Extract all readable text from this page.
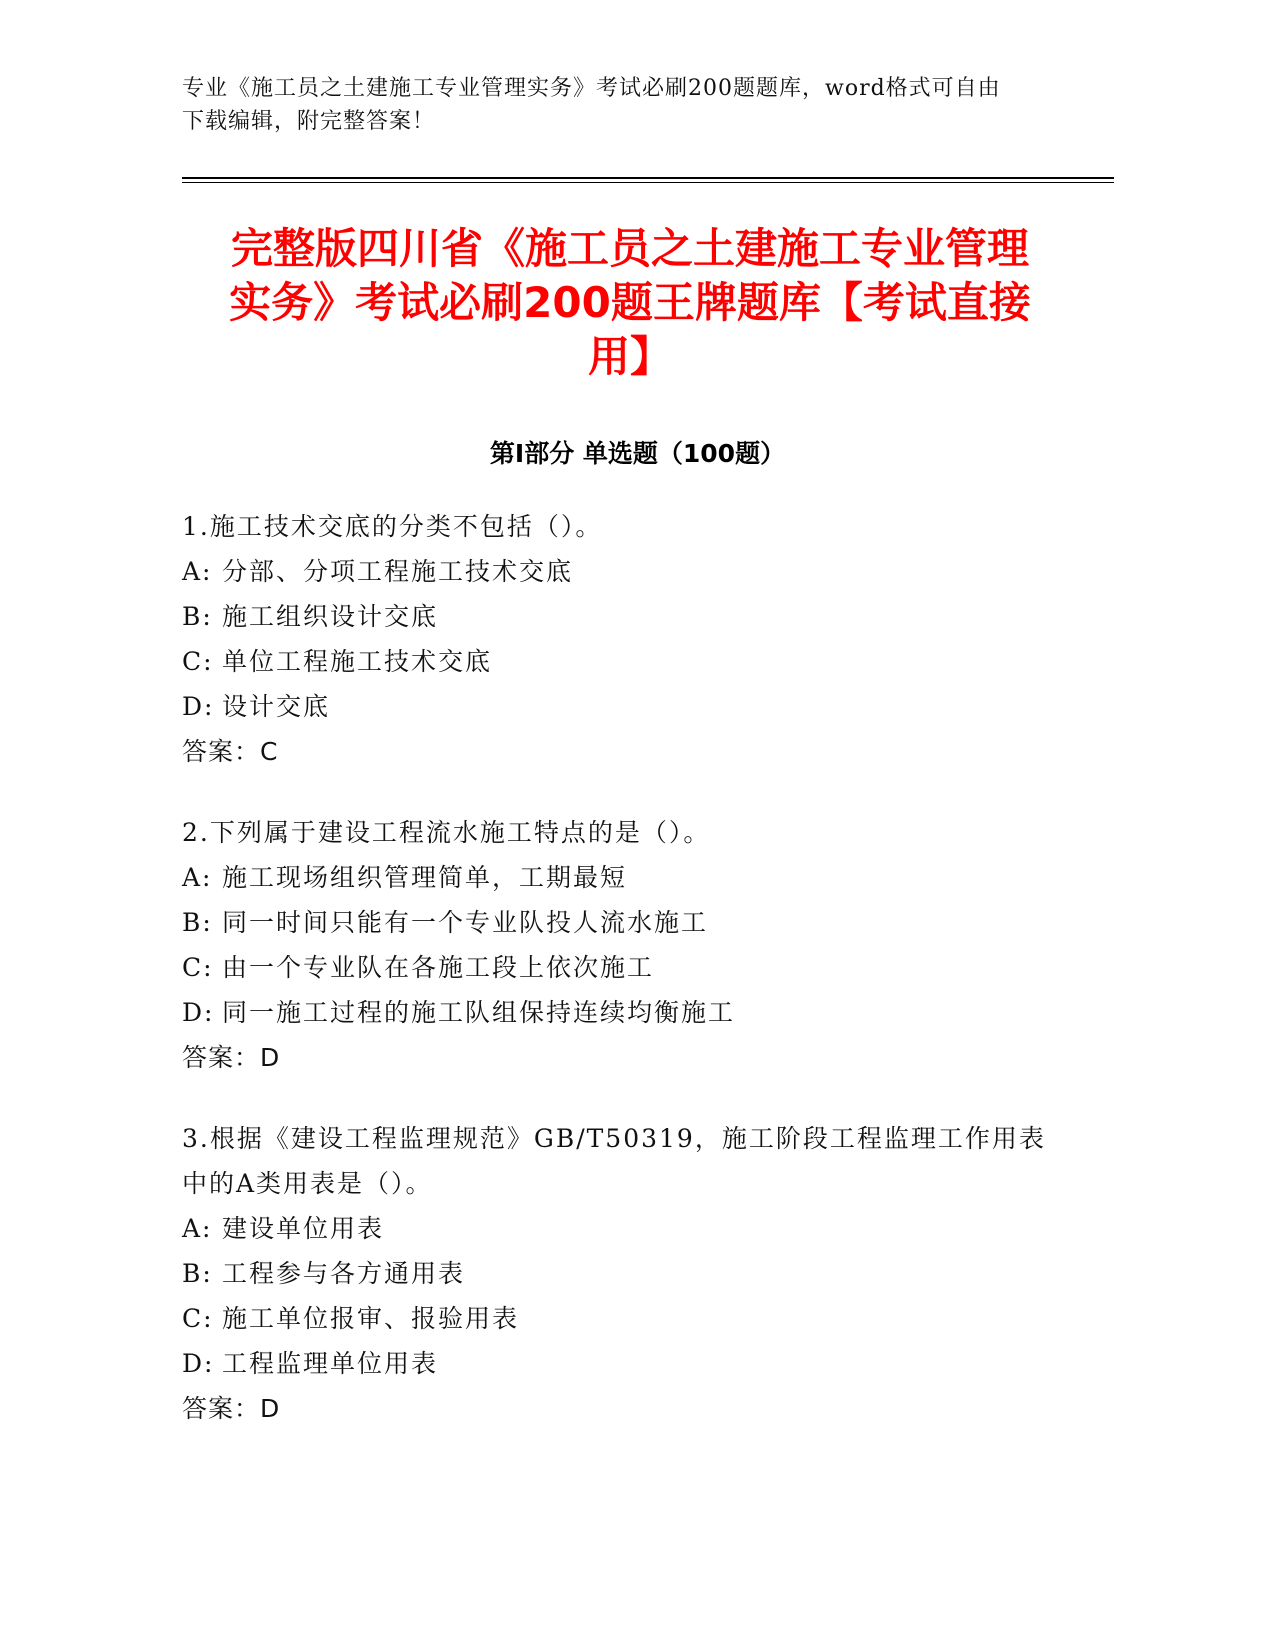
专业《施工员之土建施工专业管理实务》考试必刷200题题库，word格式可自由
下载编辑，附完整答案！
完整版四川省《施工员之土建施工专业管理
实务》考试必刷200题王牌题库【考试直接
用】
第Ⅰ部分 单选题（100题）
1.施工技术交底的分类不包括（）。
A: 分部、分项工程施工技术交底
B: 施工组织设计交底
C: 单位工程施工技术交底
D: 设计交底
答案：C
2.下列属于建设工程流水施工特点的是（）。
A: 施工现场组织管理简单，工期最短
B: 同一时间只能有一个专业队投人流水施工
C: 由一个专业队在各施工段上依次施工
D: 同一施工过程的施工队组保持连续均衡施工
答案：D
3.根据《建设工程监理规范》GB/T50319，施工阶段工程监理工作用表
中的A类用表是（）。
A: 建设单位用表
B: 工程参与各方通用表
C: 施工单位报审、报验用表
D: 工程监理单位用表
答案：D
